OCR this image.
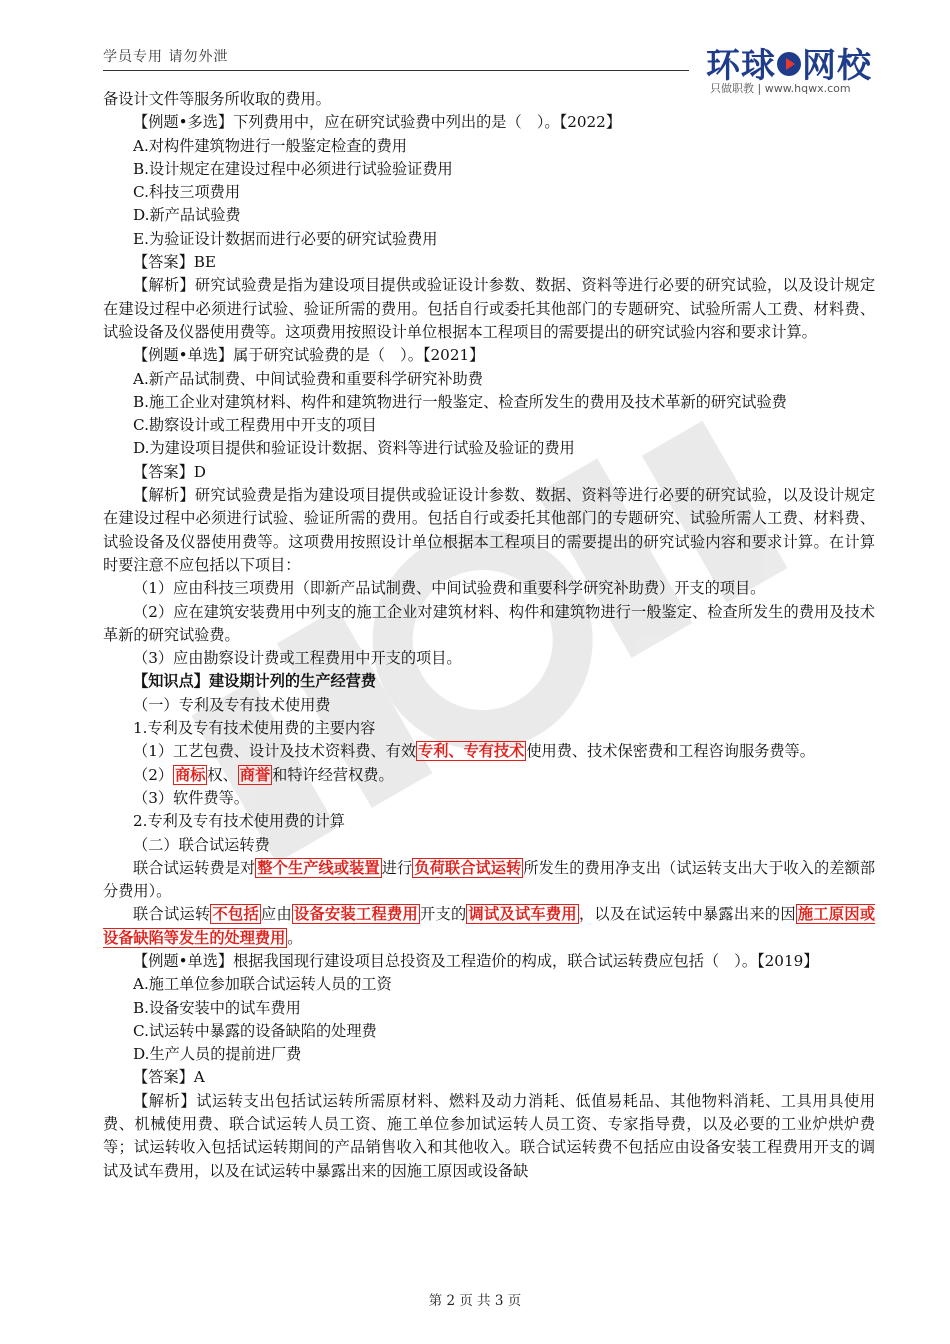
学员专用 请勿外泄	环球 网校
只做职教 | www.hqwx.com

备设计文件等服务所收取的费用。

【例题•多选】下列费用中，应在研究试验费中列出的是（　）。【2022】

A.对构件建筑物进行一般鉴定检查的费用

B.设计规定在建设过程中必须进行试验验证费用

C.科技三项费用

D.新产品试验费

E.为验证设计数据而进行必要的研究试验费用

【答案】BE

【解析】研究试验费是指为建设项目提供或验证设计参数、数据、资料等进行必要的研究试验，以及设计规定在建设过程中必须进行试验、验证所需的费用。包括自行或委托其他部门的专题研究、试验所需人工费、材料费、试验设备及仪器使用费等。这项费用按照设计单位根据本工程项目的需要提出的研究试验内容和要求计算。

【例题•单选】属于研究试验费的是（　）。【2021】

A.新产品试制费、中间试验费和重要科学研究补助费

B.施工企业对建筑材料、构件和建筑物进行一般鉴定、检查所发生的费用及技术革新的研究试验费

C.勘察设计或工程费用中开支的项目

D.为建设项目提供和验证设计数据、资料等进行试验及验证的费用

【答案】D

【解析】研究试验费是指为建设项目提供或验证设计参数、数据、资料等进行必要的研究试验，以及设计规定在建设过程中必须进行试验、验证所需的费用。包括自行或委托其他部门的专题研究、试验所需人工费、材料费、试验设备及仪器使用费等。这项费用按照设计单位根据本工程项目的需要提出的研究试验内容和要求计算。在计算时要注意不应包括以下项目：

（1）应由科技三项费用（即新产品试制费、中间试验费和重要科学研究补助费）开支的项目。

（2）应在建筑安装费用中列支的施工企业对建筑材料、构件和建筑物进行一般鉴定、检查所发生的费用及技术革新的研究试验费。

（3）应由勘察设计费或工程费用中开支的项目。

【知识点】建设期计列的生产经营费

（一）专利及专有技术使用费

1.专利及专有技术使用费的主要内容

（1）工艺包费、设计及技术资料费、有效 专利、专有技术 使用费、技术保密费和工程咨询服务费等。

（2） 商标 权、 商誉 和特许经营权费。

（3）软件费等。

2.专利及专有技术使用费的计算

（二）联合试运转费

联合试运转费是对 整个生产线或装置 进行 负荷联合试运转 所发生的费用净支出（试运转支出大于收入的差额部分费用）。

联合试运转 不包括 应由 设备安装工程费用 开支的 调试及试车费用 ，以及在试运转中暴露出来的因 施工原因或设备缺陷等发生的处理费用 。

【例题•单选】根据我国现行建设项目总投资及工程造价的构成，联合试运转费应包括（　）。【2019】

A.施工单位参加联合试运转人员的工资

B.设备安装中的试车费用

C.试运转中暴露的设备缺陷的处理费

D.生产人员的提前进厂费

【答案】A

【解析】试运转支出包括试运转所需原材料、燃料及动力消耗、低值易耗品、其他物料消耗、工具用具使用费、机械使用费、联合试运转人员工资、施工单位参加试运转人员工资、专家指导费，以及必要的工业炉烘炉费等；试运转收入包括试运转期间的产品销售收入和其他收入。联合试运转费不包括应由设备安装工程费用开支的调试及试车费用，以及在试运转中暴露出来的因施工原因或设备缺

第 2 页 共 3 页
